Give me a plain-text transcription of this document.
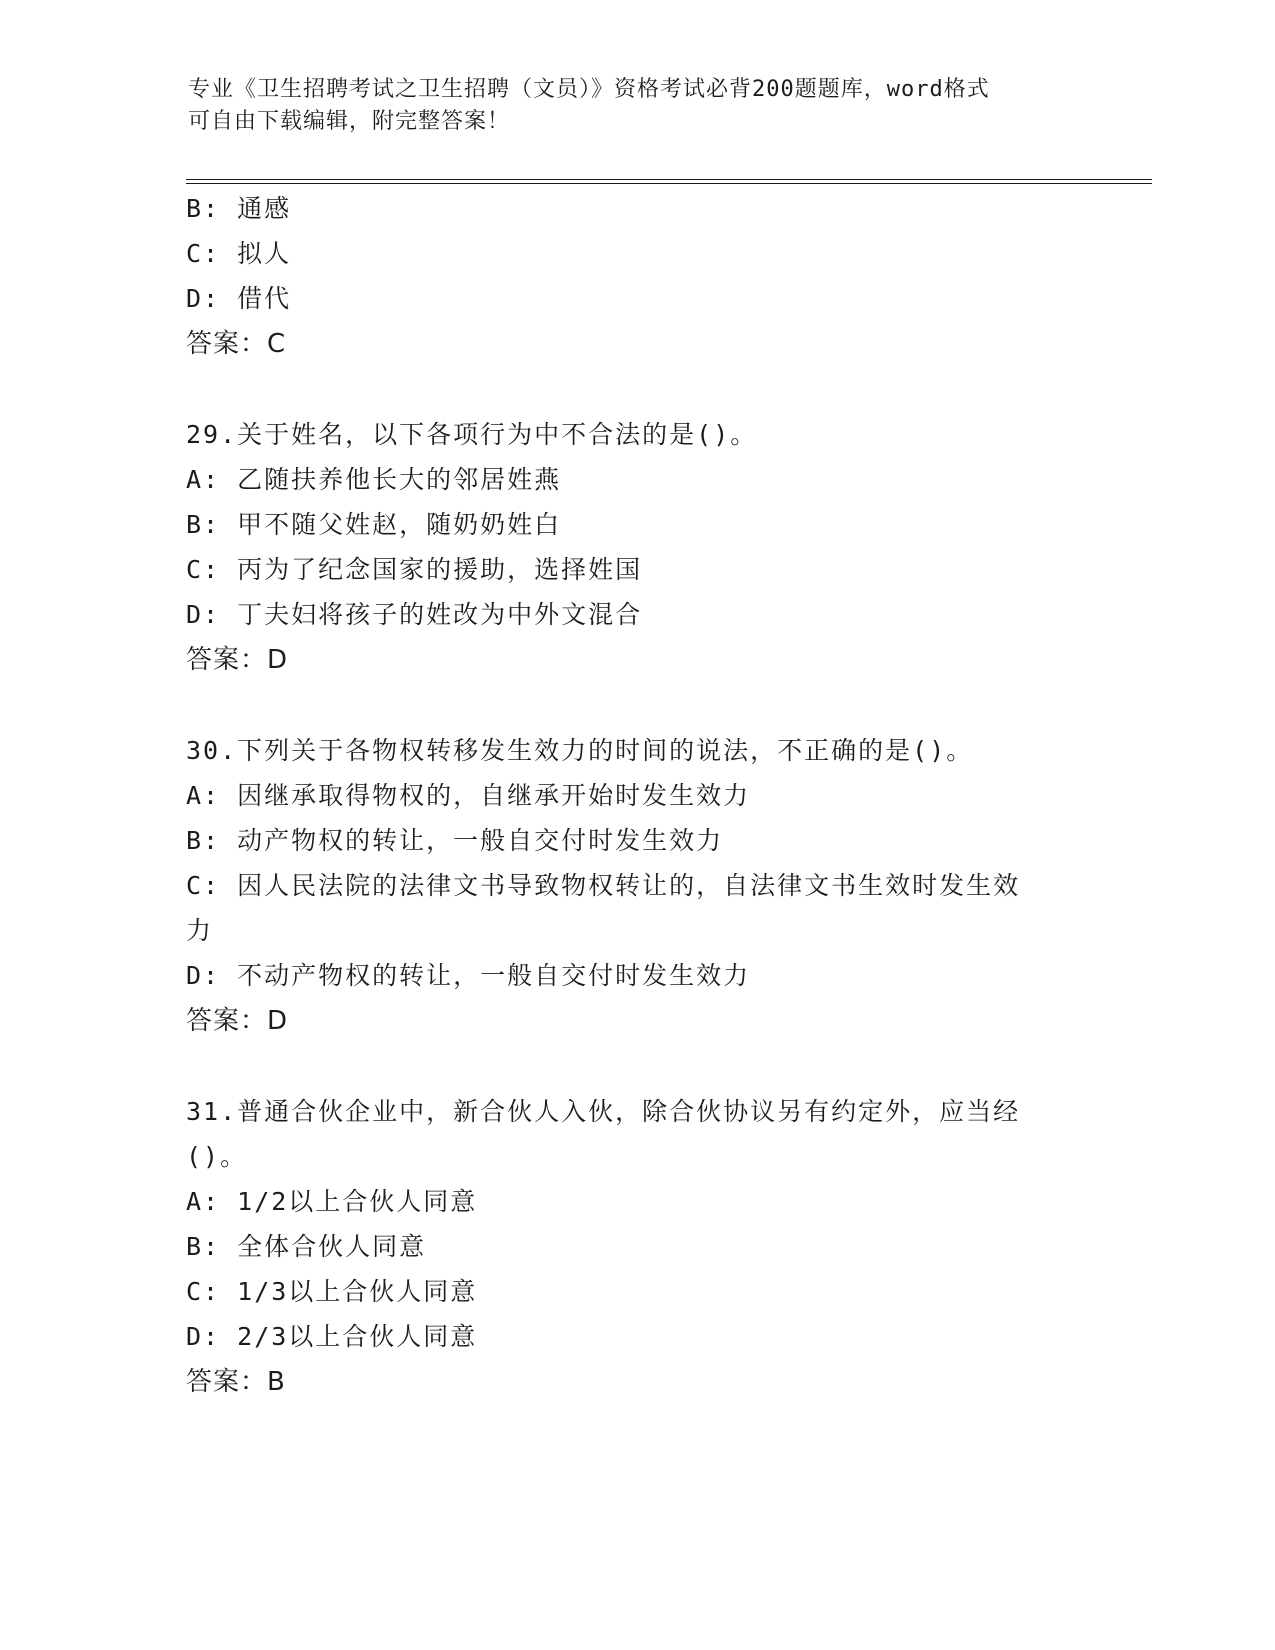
专业《卫生招聘考试之卫生招聘（文员）》资格考试必背200题题库，word格式
可自由下载编辑，附完整答案！
B: 通感
C: 拟人
D: 借代
答案：C
29.关于姓名，以下各项行为中不合法的是()。
A: 乙随扶养他长大的邻居姓燕
B: 甲不随父姓赵，随奶奶姓白
C: 丙为了纪念国家的援助，选择姓国
D: 丁夫妇将孩子的姓改为中外文混合
答案：D
30.下列关于各物权转移发生效力的时间的说法，不正确的是()。
A: 因继承取得物权的，自继承开始时发生效力
B: 动产物权的转让，一般自交付时发生效力
C: 因人民法院的法律文书导致物权转让的，自法律文书生效时发生效
力
D: 不动产物权的转让，一般自交付时发生效力
答案：D
31.普通合伙企业中，新合伙人入伙，除合伙协议另有约定外，应当经
()。
A: 1/2以上合伙人同意
B: 全体合伙人同意
C: 1/3以上合伙人同意
D: 2/3以上合伙人同意
答案：B
